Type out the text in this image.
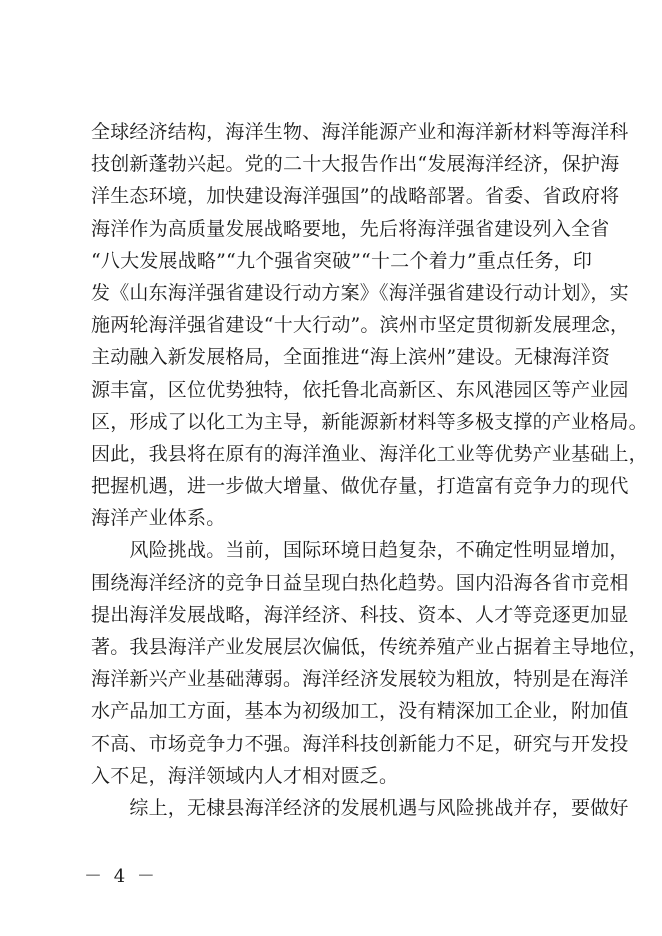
全球经济结构，海洋生物、海洋能源产业和海洋新材料等海洋科
技创新蓬勃兴起。党的二十大报告作出“发展海洋经济，保护海
洋生态环境，加快建设海洋强国”的战略部署。省委、省政府将
海洋作为高质量发展战略要地，先后将海洋强省建设列入全省
“八大发展战略”“九个强省突破”“十二个着力”重点任务，印
发《山东海洋强省建设行动方案》《海洋强省建设行动计划》，实
施两轮海洋强省建设“十大行动”。滨州市坚定贯彻新发展理念，
主动融入新发展格局，全面推进“海上滨州”建设。无棣海洋资
源丰富，区位优势独特，依托鲁北高新区、东风港园区等产业园
区，形成了以化工为主导，新能源新材料等多极支撑的产业格局。
因此，我县将在原有的海洋渔业、海洋化工业等优势产业基础上，
把握机遇，进一步做大增量、做优存量，打造富有竞争力的现代
海洋产业体系。
　　风险挑战。当前，国际环境日趋复杂，不确定性明显增加，
围绕海洋经济的竞争日益呈现白热化趋势。国内沿海各省市竞相
提出海洋发展战略，海洋经济、科技、资本、人才等竞逐更加显
著。我县海洋产业发展层次偏低，传统养殖产业占据着主导地位，
海洋新兴产业基础薄弱。海洋经济发展较为粗放，特别是在海洋
水产品加工方面，基本为初级加工，没有精深加工企业，附加值
不高、市场竞争力不强。海洋科技创新能力不足，研究与开发投
入不足，海洋领域内人才相对匮乏。
　　综上，无棣县海洋经济的发展机遇与风险挑战并存，要做好
－ 4 －
